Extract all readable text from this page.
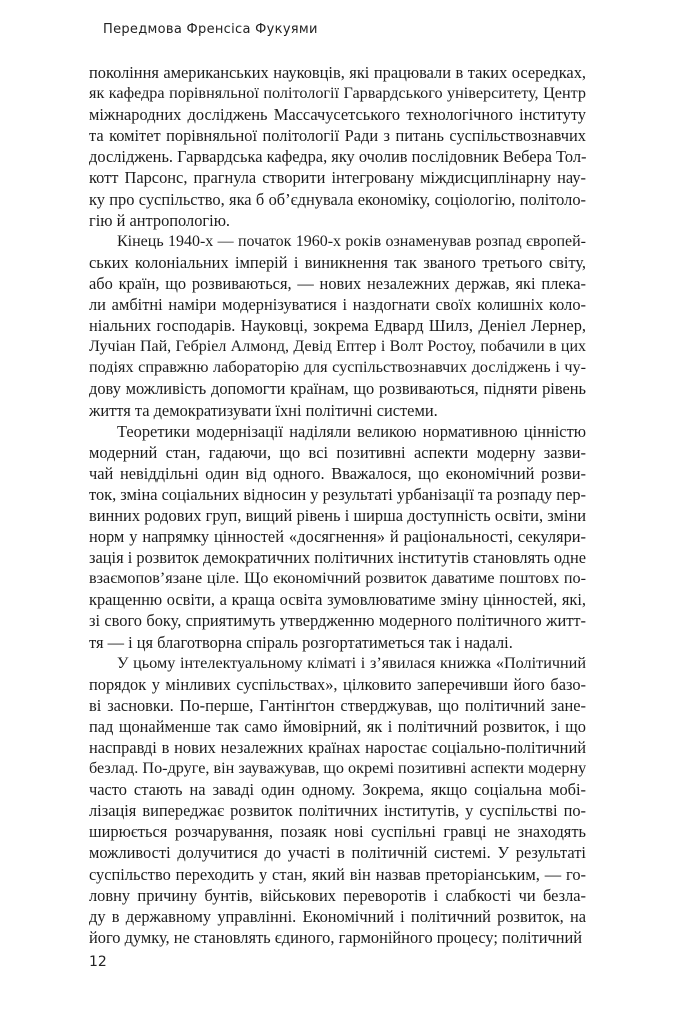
Передмова Френсіса Фукуями
покоління американських науковців, які працювали в таких осередках,
як кафедра порівняльної політології Гарвардського університету, Центр
міжнародних досліджень Массачусетського технологічного інституту
та комітет порівняльної політології Ради з питань суспільствознавчих
досліджень. Гарвардська кафедра, яку очолив послідовник Вебера Тол-
котт Парсонс, прагнула створити інтегровану міждисциплінарну нау-
ку про суспільство, яка б об’єднувала економіку, соціологію, політоло-
гію й антропологію.
Кінець 1940-х — початок 1960-х років ознаменував розпад європей-
ських колоніальних імперій і виникнення так званого третього світу,
або країн, що розвиваються, — нових незалежних держав, які плека-
ли амбітні наміри модернізуватися і наздогнати своїх колишніх коло-
ніальних господарів. Науковці, зокрема Едвард Шилз, Деніел Лернер,
Лучіан Пай, Гебріел Алмонд, Девід Ептер і Волт Ростоу, побачили в цих
подіях справжню лабораторію для суспільствознавчих досліджень і чу-
дову можливість допомогти країнам, що розвиваються, підняти рівень
життя та демократизувати їхні політичні системи.
Теоретики модернізації наділяли великою нормативною цінністю
модерний стан, гадаючи, що всі позитивні аспекти модерну зазви-
чай невіддільні один від одного. Вважалося, що економічний розви-
ток, зміна соціальних відносин у результаті урбанізації та розпаду пер-
винних родових груп, вищий рівень і ширша доступність освіти, зміни
норм у напрямку цінностей «досягнення» й раціональності, секуляри-
зація і розвиток демократичних політичних інститутів становлять одне
взаємопов’язане ціле. Що економічний розвиток даватиме поштовх по-
кращенню освіти, а краща освіта зумовлюватиме зміну цінностей, які,
зі свого боку, сприятимуть утвердженню модерного політичного житт-
тя — і ця благотворна спіраль розгортатиметься так і надалі.
У цьому інтелектуальному кліматі і з’явилася книжка «Політичний
порядок у мінливих суспільствах», цілковито заперечивши його базо-
ві засновки. По-перше, Гантінґтон стверджував, що політичний зане-
пад щонайменше так само ймовірний, як і політичний розвиток, і що
насправді в нових незалежних країнах наростає соціально-політичний
безлад. По-друге, він зауважував, що окремі позитивні аспекти модерну
часто стають на заваді один одному. Зокрема, якщо соціальна мобі-
лізація випереджає розвиток політичних інститутів, у суспільстві по-
ширюється розчарування, позаяк нові суспільні гравці не знаходять
можливості долучитися до участі в політичній системі. У результаті
суспільство переходить у стан, який він назвав преторіанським, — го-
ловну причину бунтів, військових переворотів і слабкості чи безла-
ду в державному управлінні. Економічний і політичний розвиток, на
його думку, не становлять єдиного, гармонійного процесу; політичний
12
